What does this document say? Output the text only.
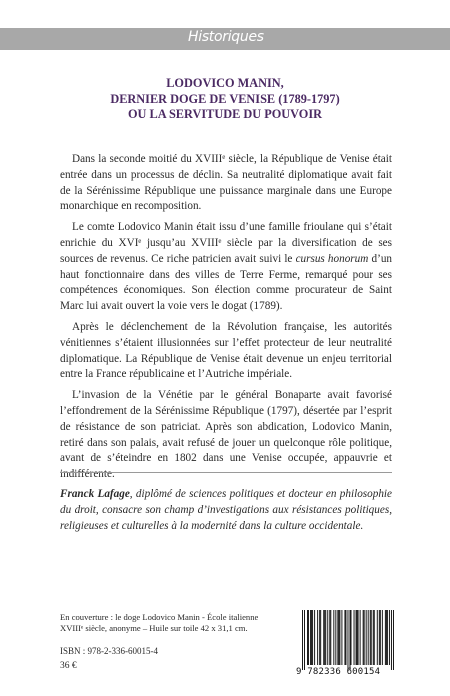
Historiques
LODOVICO MANIN,
DERNIER DOGE DE VENISE (1789-1797)
OU LA SERVITUDE DU POUVOIR

Dans la seconde moitié du XVIIIᵉ siècle, la République de Venise était entrée dans un processus de déclin. Sa neutralité diplomatique avait fait de la Sérénissime République une puissance marginale dans une Europe monarchique en recomposition.

Le comte Lodovico Manin était issu d’une famille frioulane qui s’était enrichie du XVIᵉ jusqu’au XVIIIᵉ siècle par la diversification de ses sources de revenus. Ce riche patricien avait suivi le cursus honorum d’un haut fonctionnaire dans des villes de Terre Ferme, remarqué pour ses compétences économiques. Son élection comme procurateur de Saint Marc lui avait ouvert la voie vers le dogat (1789).

Après le déclenchement de la Révolution française, les autorités vénitiennes s’étaient illusionnées sur l’effet protecteur de leur neutralité diplomatique. La République de Venise était devenue un enjeu territorial entre la France républicaine et l’Autriche impériale.

L’invasion de la Vénétie par le général Bonaparte avait favorisé l’effondrement de la Sérénissime République (1797), désertée par l’esprit de résistance de son patriciat. Après son abdication, Lodovico Manin, retiré dans son palais, avait refusé de jouer un quelconque rôle politique, avant de s’éteindre en 1802 dans une Venise occupée, appauvrie et indifférente.

Franck Lafage, diplômé de sciences politiques et docteur en philosophie du droit, consacre son champ d’investigations aux résistances politiques, religieuses et culturelles à la modernité dans la culture occidentale.
En couverture : le doge Lodovico Manin - École italienne
XVIIIᵉ siècle, anonyme – Huile sur toile 42 x 31,1 cm.
ISBN : 978-2-336-60015-4
36 €
9 782336 600154
